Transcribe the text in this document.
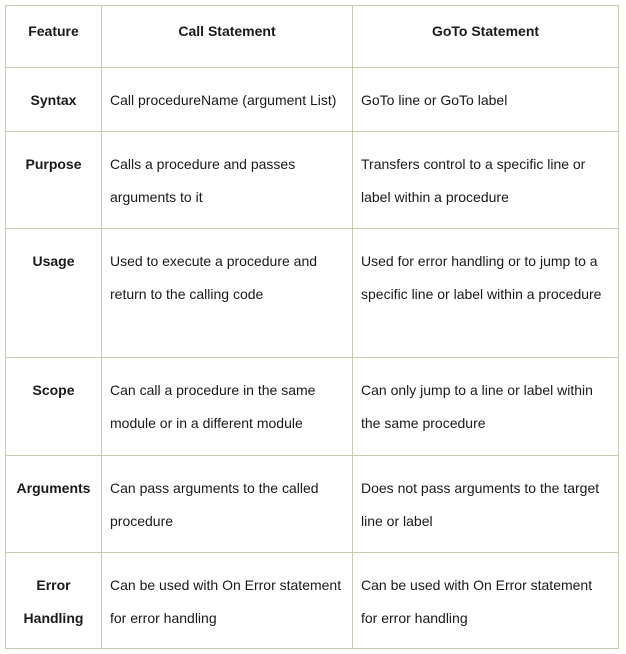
Feature	Call Statement	GoTo Statement

Syntax	Call procedureName (argument List)	GoTo line or GoTo label

Purpose	Calls a procedure and passes arguments to it	Transfers control to a specific line or label within a procedure

Usage	Used to execute a procedure and return to the calling code	Used for error handling or to jump to a specific line or label within a procedure

Scope	Can call a procedure in the same module or in a different module	Can only jump to a line or label within the same procedure

Arguments	Can pass arguments to the called procedure	Does not pass arguments to the target line or label

Error Handling	Can be used with On Error statement for error handling	Can be used with On Error statement for error handling
